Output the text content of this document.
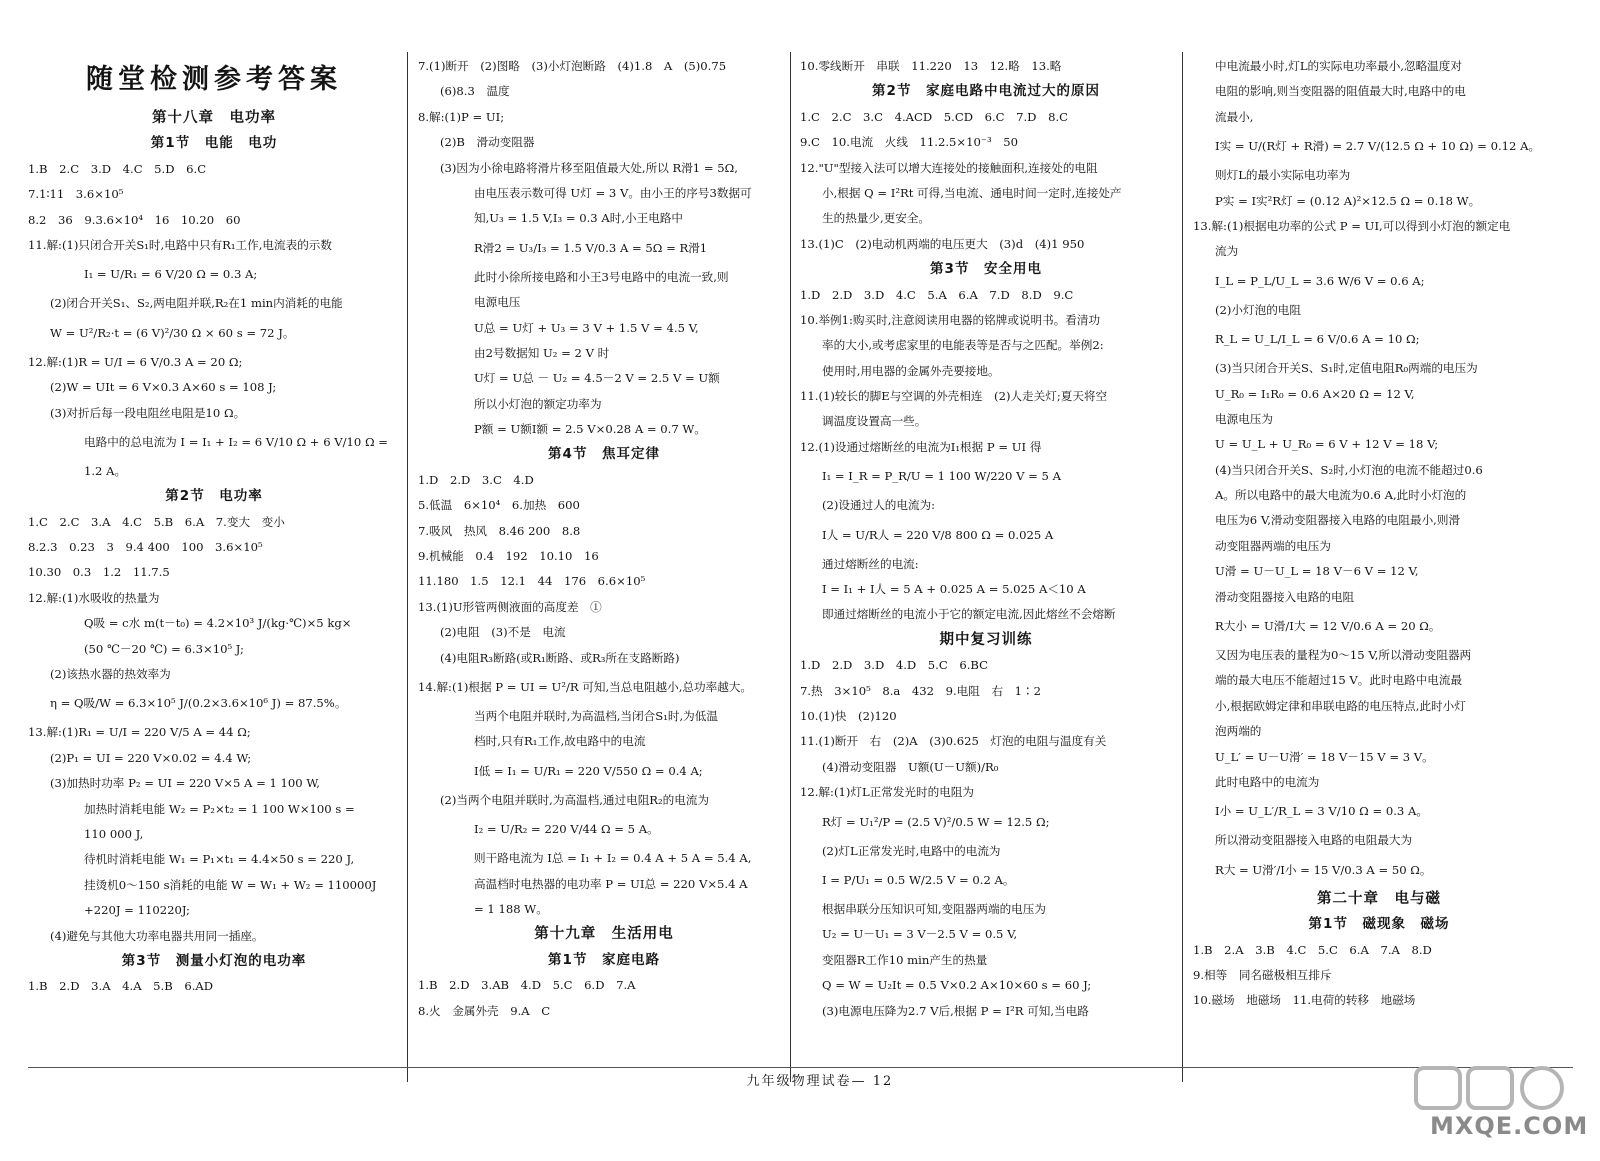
随堂检测参考答案
第十八章　电功率
第1节　电能　电功
1.B　2.C　3.D　4.C　5.D　6.C
7.1∶11　3.6×10⁵
8.2　36　9.3.6×10⁴　16　10.20　60
11.解:(1)只闭合开关S₁时,电路中只有R₁工作,电流表的示数
I₁ = U/R₁ = 6 V/20 Ω = 0.3 A;
(2)闭合开关S₁、S₂,两电阻并联,R₂在1 min内消耗的电能
W = U²/R₂·t = (6 V)²/30 Ω × 60 s = 72 J。
12.解:(1)R = U/I = 6 V/0.3 A = 20 Ω;
(2)W = UIt = 6 V×0.3 A×60 s = 108 J;
(3)对折后每一段电阻丝电阻是10 Ω。
电路中的总电流为 I = I₁ + I₂ = 6 V/10 Ω + 6 V/10 Ω =
1.2 A。
第2节　电功率
1.C　2.C　3.A　4.C　5.B　6.A　7.变大　变小
8.2.3　0.23　3　9.4 400　100　3.6×10⁵
10.30　0.3　1.2　11.7.5
12.解:(1)水吸收的热量为
Q吸 = c水 m(t－t₀) = 4.2×10³ J/(kg·℃)×5 kg×
(50 ℃－20 ℃) = 6.3×10⁵ J;
(2)该热水器的热效率为
η = Q吸/W = 6.3×10⁵ J/(0.2×3.6×10⁶ J) = 87.5%。
13.解:(1)R₁ = U/I = 220 V/5 A = 44 Ω;
(2)P₁ = UI = 220 V×0.02 = 4.4 W;
(3)加热时功率 P₂ = UI = 220 V×5 A = 1 100 W,
加热时消耗电能 W₂ = P₂×t₂ = 1 100 W×100 s =
110 000 J,
待机时消耗电能 W₁ = P₁×t₁ = 4.4×50 s = 220 J,
挂烫机0～150 s消耗的电能 W = W₁ + W₂ = 110000J
+220J = 110220J;
(4)避免与其他大功率电器共用同一插座。
第3节　测量小灯泡的电功率
1.B　2.D　3.A　4.A　5.B　6.AD
7.(1)断开　(2)图略　(3)小灯泡断路　(4)1.8　A　(5)0.75
(6)8.3　温度
8.解:(1)P = UI;
(2)B　滑动变阻器
(3)因为小徐电路将滑片移至阻值最大处,所以 R滑1 = 5Ω,
由电压表示数可得 U灯 = 3 V。由小王的序号3数据可
知,U₃ = 1.5 V,I₃ = 0.3 A时,小王电路中
R滑2 = U₃/I₃ = 1.5 V/0.3 A = 5Ω = R滑1
此时小徐所接电路和小王3号电路中的电流一致,则
电源电压
U总 = U灯 + U₃ = 3 V + 1.5 V = 4.5 V,
由2号数据知 U₂ = 2 V 时
U灯 = U总 － U₂ = 4.5－2 V = 2.5 V = U额
所以小灯泡的额定功率为
P额 = U额I额 = 2.5 V×0.28 A = 0.7 W。
第4节　焦耳定律
1.D　2.D　3.C　4.D
5.低温　6×10⁴　6.加热　600
7.吸风　热风　8.46 200　8.8
9.机械能　0.4　192　10.10　16
11.180　1.5　12.1　44　176　6.6×10⁵
13.(1)U形管两侧液面的高度差　①
(2)电阻　(3)不是　电流
(4)电阻R₃断路(或R₁断路、或R₃所在支路断路)
14.解:(1)根据 P = UI = U²/R 可知,当总电阻越小,总功率越大。
当两个电阻并联时,为高温档,当闭合S₁时,为低温
档时,只有R₁工作,故电路中的电流
I低 = I₁ = U/R₁ = 220 V/550 Ω = 0.4 A;
(2)当两个电阻并联时,为高温档,通过电阻R₂的电流为
I₂ = U/R₂ = 220 V/44 Ω = 5 A。
则干路电流为 I总 = I₁ + I₂ = 0.4 A + 5 A = 5.4 A,
高温档时电热器的电功率 P = UI总 = 220 V×5.4 A
= 1 188 W。
第十九章　生活用电
第1节　家庭电路
1.B　2.D　3.AB　4.D　5.C　6.D　7.A
8.火　金属外壳　9.A　C
10.零线断开　串联　11.220　13　12.略　13.略
第2节　家庭电路中电流过大的原因
1.C　2.C　3.C　4.ACD　5.CD　6.C　7.D　8.C
9.C　10.电流　火线　11.2.5×10⁻³　50
12."U"型接入法可以增大连接处的接触面积,连接处的电阻
小,根据 Q = I²Rt 可得,当电流、通电时间一定时,连接处产
生的热量少,更安全。
13.(1)C　(2)电动机两端的电压更大　(3)d　(4)1 950
第3节　安全用电
1.D　2.D　3.D　4.C　5.A　6.A　7.D　8.D　9.C
10.举例1:购买时,注意阅读用电器的铭牌或说明书。看清功
率的大小,或考虑家里的电能表等是否与之匹配。举例2:
使用时,用电器的金属外壳要接地。
11.(1)较长的脚E与空调的外壳相连　(2)人走关灯;夏天将空
调温度设置高一些。
12.(1)设通过熔断丝的电流为I₁根据 P = UI 得
I₁ = I_R = P_R/U = 1 100 W/220 V = 5 A
(2)设通过人的电流为:
I人 = U/R人 = 220 V/8 800 Ω = 0.025 A
通过熔断丝的电流:
I = I₁ + I人 = 5 A + 0.025 A = 5.025 A＜10 A
即通过熔断丝的电流小于它的额定电流,因此熔丝不会熔断
期中复习训练
1.D　2.D　3.D　4.D　5.C　6.BC
7.热　3×10⁵　8.a　432　9.电阻　右　1∶2
10.(1)快　(2)120
11.(1)断开　右　(2)A　(3)0.625　灯泡的电阻与温度有关
(4)滑动变阻器　U额(U－U额)/R₀
12.解:(1)灯L正常发光时的电阻为
R灯 = U₁²/P = (2.5 V)²/0.5 W = 12.5 Ω;
(2)灯L正常发光时,电路中的电流为
I = P/U₁ = 0.5 W/2.5 V = 0.2 A。
根据串联分压知识可知,变阻器两端的电压为
U₂ = U－U₁ = 3 V－2.5 V = 0.5 V,
变阻器R工作10 min产生的热量
Q = W = U₂It = 0.5 V×0.2 A×10×60 s = 60 J;
(3)电源电压降为2.7 V后,根据 P = I²R 可知,当电路
中电流最小时,灯L的实际电功率最小,忽略温度对
电阻的影响,则当变阻器的阻值最大时,电路中的电
流最小,
I实 = U/(R灯 + R滑) = 2.7 V/(12.5 Ω + 10 Ω) = 0.12 A。
则灯L的最小实际电功率为
P实 = I实²R灯 = (0.12 A)²×12.5 Ω = 0.18 W。
13.解:(1)根据电功率的公式 P = UI,可以得到小灯泡的额定电
流为
I_L = P_L/U_L = 3.6 W/6 V = 0.6 A;
(2)小灯泡的电阻
R_L = U_L/I_L = 6 V/0.6 A = 10 Ω;
(3)当只闭合开关S、S₁时,定值电阻R₀两端的电压为
U_R₀ = I₁R₀ = 0.6 A×20 Ω = 12 V,
电源电压为
U = U_L + U_R₀ = 6 V + 12 V = 18 V;
(4)当只闭合开关S、S₂时,小灯泡的电流不能超过0.6
A。所以电路中的最大电流为0.6 A,此时小灯泡的
电压为6 V,滑动变阻器接入电路的电阻最小,则滑
动变阻器两端的电压为
U滑 = U－U_L = 18 V－6 V = 12 V,
滑动变阻器接入电路的电阻
R大小 = U滑/I大 = 12 V/0.6 A = 20 Ω。
又因为电压表的量程为0～15 V,所以滑动变阻器两
端的最大电压不能超过15 V。此时电路中电流最
小,根据欧姆定律和串联电路的电压特点,此时小灯
泡两端的
U_L′ = U－U滑′ = 18 V－15 V = 3 V。
此时电路中的电流为
I小 = U_L′/R_L = 3 V/10 Ω = 0.3 A。
所以滑动变阻器接入电路的电阻最大为
R大 = U滑′/I小 = 15 V/0.3 A = 50 Ω。
第二十章　电与磁
第1节　磁现象　磁场
1.B　2.A　3.B　4.C　5.C　6.A　7.A　8.D
9.相等　同名磁极相互排斥
10.磁场　地磁场　11.电荷的转移　地磁场
九年级物理试卷— 12
MXQE.COM
